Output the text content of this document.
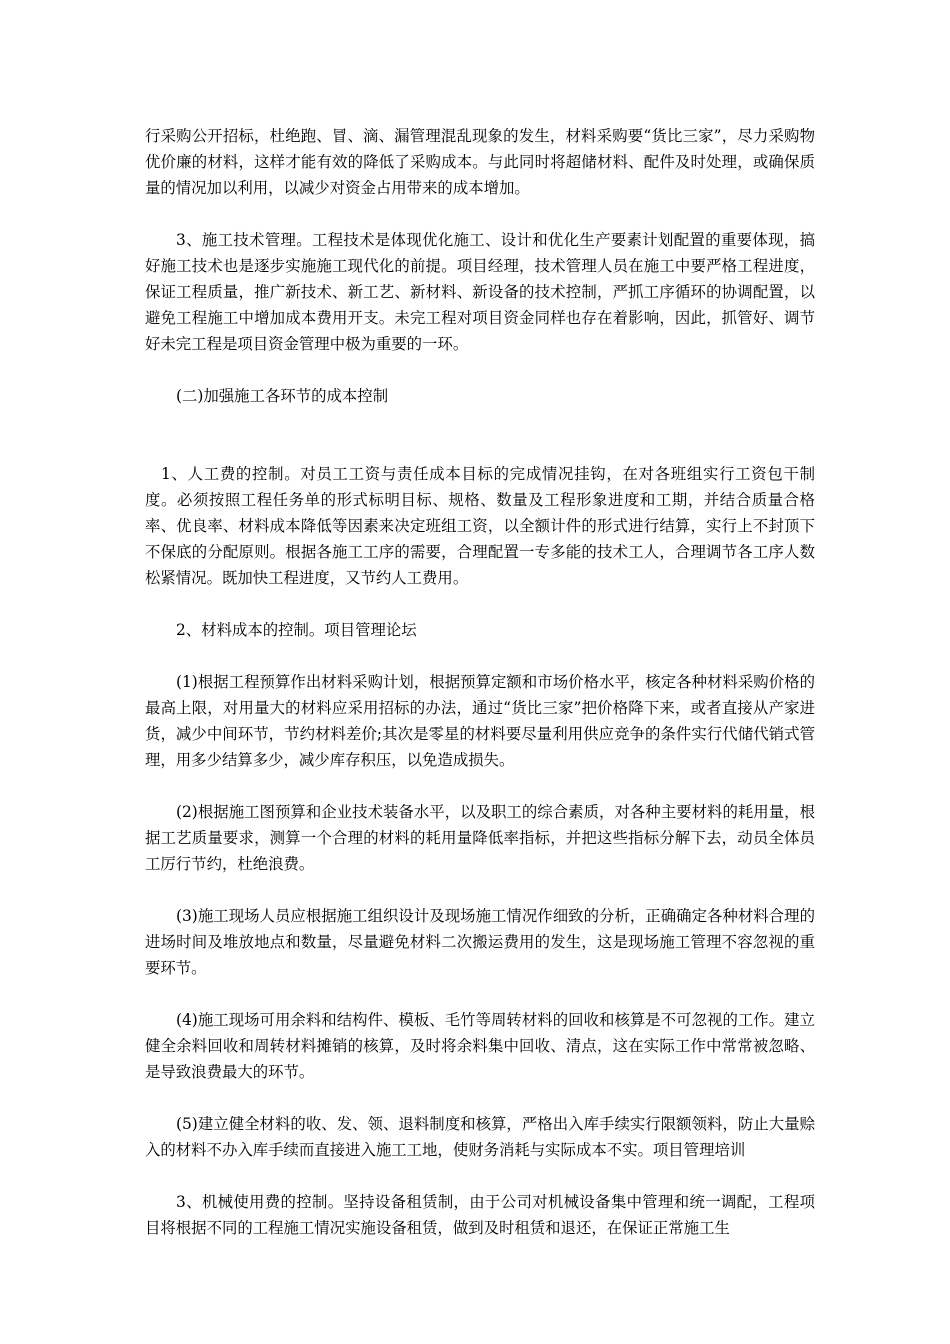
行采购公开招标，杜绝跑、冒、滴、漏管理混乱现象的发生，材料采购要“货比三家”，尽力采购物优价廉的材料，这样才能有效的降低了采购成本。与此同时将超储材料、配件及时处理，或确保质量的情况加以利用，以减少对资金占用带来的成本增加。

3、施工技术管理。工程技术是体现优化施工、设计和优化生产要素计划配置的重要体现，搞好施工技术也是逐步实施施工现代化的前提。项目经理，技术管理人员在施工中要严格工程进度，保证工程质量，推广新技术、新工艺、新材料、新设备的技术控制，严抓工序循环的协调配置，以避免工程施工中增加成本费用开支。未完工程对项目资金同样也存在着影响，因此，抓管好、调节好未完工程是项目资金管理中极为重要的一环。

(二)加强施工各环节的成本控制

1、人工费的控制。对员工工资与责任成本目标的完成情况挂钩，在对各班组实行工资包干制度。必须按照工程任务单的形式标明目标、规格、数量及工程形象进度和工期，并结合质量合格率、优良率、材料成本降低等因素来决定班组工资，以全额计件的形式进行结算，实行上不封顶下不保底的分配原则。根据各施工工序的需要，合理配置一专多能的技术工人，合理调节各工序人数松紧情况。既加快工程进度，又节约人工费用。

2、材料成本的控制。项目管理论坛

(1)根据工程预算作出材料采购计划，根据预算定额和市场价格水平，核定各种材料采购价格的最高上限，对用量大的材料应采用招标的办法，通过“货比三家”把价格降下来，或者直接从产家进货，减少中间环节，节约材料差价;其次是零星的材料要尽量利用供应竞争的条件实行代储代销式管理，用多少结算多少，减少库存积压，以免造成损失。

(2)根据施工图预算和企业技术装备水平，以及职工的综合素质，对各种主要材料的耗用量，根据工艺质量要求，测算一个合理的材料的耗用量降低率指标，并把这些指标分解下去，动员全体员工厉行节约，杜绝浪费。

(3)施工现场人员应根据施工组织设计及现场施工情况作细致的分析，正确确定各种材料合理的进场时间及堆放地点和数量，尽量避免材料二次搬运费用的发生，这是现场施工管理不容忽视的重要环节。

(4)施工现场可用余料和结构件、模板、毛竹等周转材料的回收和核算是不可忽视的工作。建立健全余料回收和周转材料摊销的核算，及时将余料集中回收、清点，这在实际工作中常常被忽略、是导致浪费最大的环节。

(5)建立健全材料的收、发、领、退料制度和核算，严格出入库手续实行限额领料，防止大量赊入的材料不办入库手续而直接进入施工工地，使财务消耗与实际成本不实。项目管理培训

3、机械使用费的控制。坚持设备租赁制，由于公司对机械设备集中管理和统一调配，工程项目将根据不同的工程施工情况实施设备租赁，做到及时租赁和退还，在保证正常施工生
